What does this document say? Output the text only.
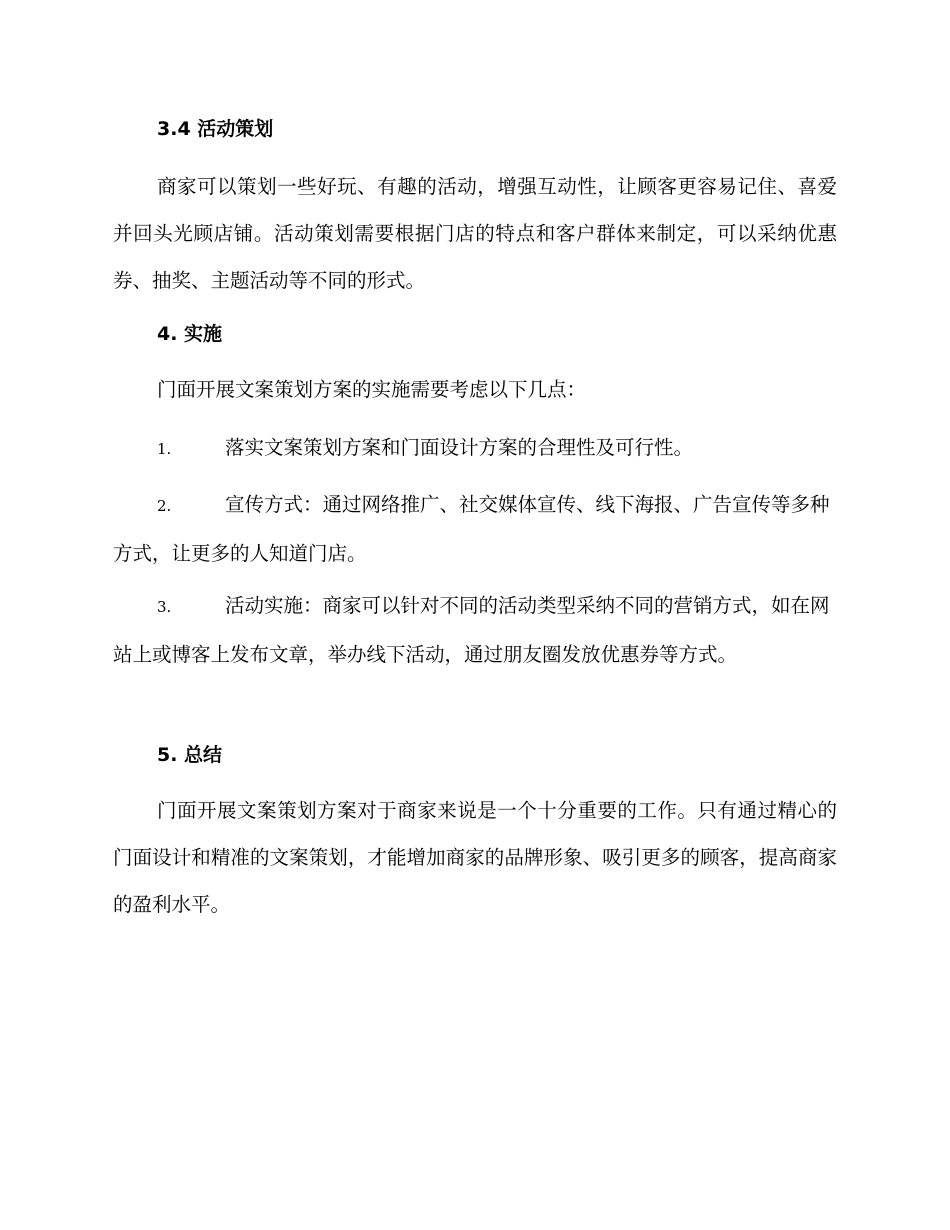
3.4 活动策划

商家可以策划一些好玩、有趣的活动，增强互动性，让顾客更容易记住、喜爱并回头光顾店铺。活动策划需要根据门店的特点和客户群体来制定，可以采纳优惠券、抽奖、主题活动等不同的形式。

4. 实施

门面开展文案策划方案的实施需要考虑以下几点：

1.	落实文案策划方案和门面设计方案的合理性及可行性。

2.	宣传方式：通过网络推广、社交媒体宣传、线下海报、广告宣传等多种方式，让更多的人知道门店。

3.	活动实施：商家可以针对不同的活动类型采纳不同的营销方式，如在网站上或博客上发布文章，举办线下活动，通过朋友圈发放优惠券等方式。

5. 总结

门面开展文案策划方案对于商家来说是一个十分重要的工作。只有通过精心的门面设计和精准的文案策划，才能增加商家的品牌形象、吸引更多的顾客，提高商家的盈利水平。
